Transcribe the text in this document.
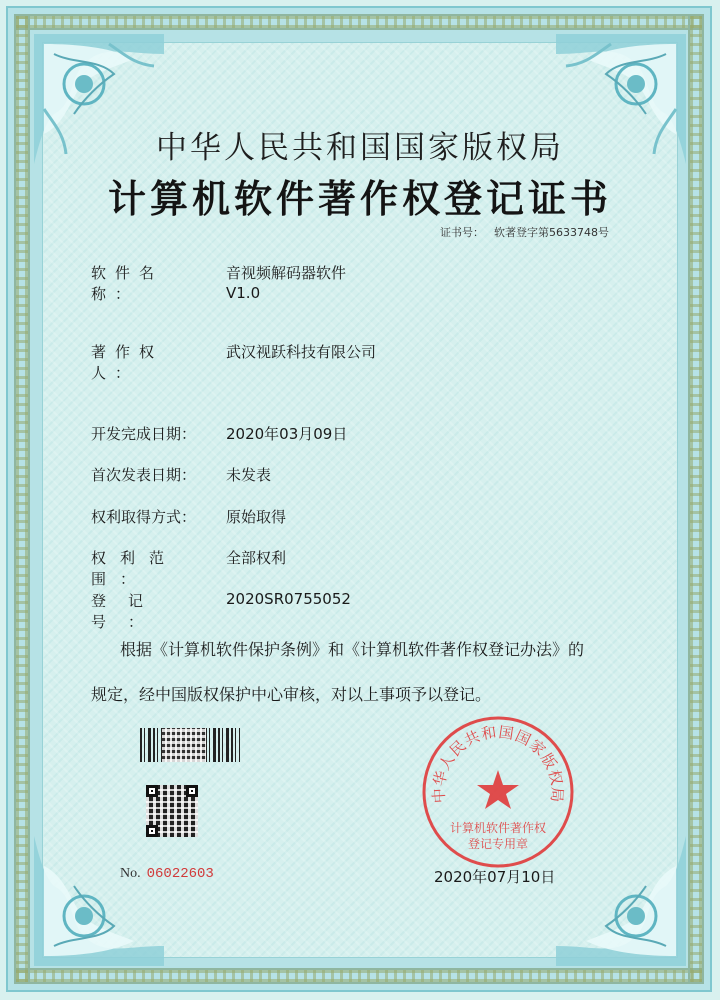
中华人民共和国国家版权局
计算机软件著作权登记证书
证书号： 软著登字第5633748号
软件名称：
音视频解码器软件
V1.0
著作权人：
武汉视跃科技有限公司
开发完成日期：	2020年03月09日
首次发表日期：	未发表
权利取得方式：	原始取得
权利范围：
全部权利
登记号：
2020SR0755052
根据《计算机软件保护条例》和《计算机软件著作权登记办法》的
规定，经中国版权保护中心审核，对以上事项予以登记。
No. 06022603
中华人民共和国国家版权局
计算机软件著作权
登记专用章
2020年07月10日
